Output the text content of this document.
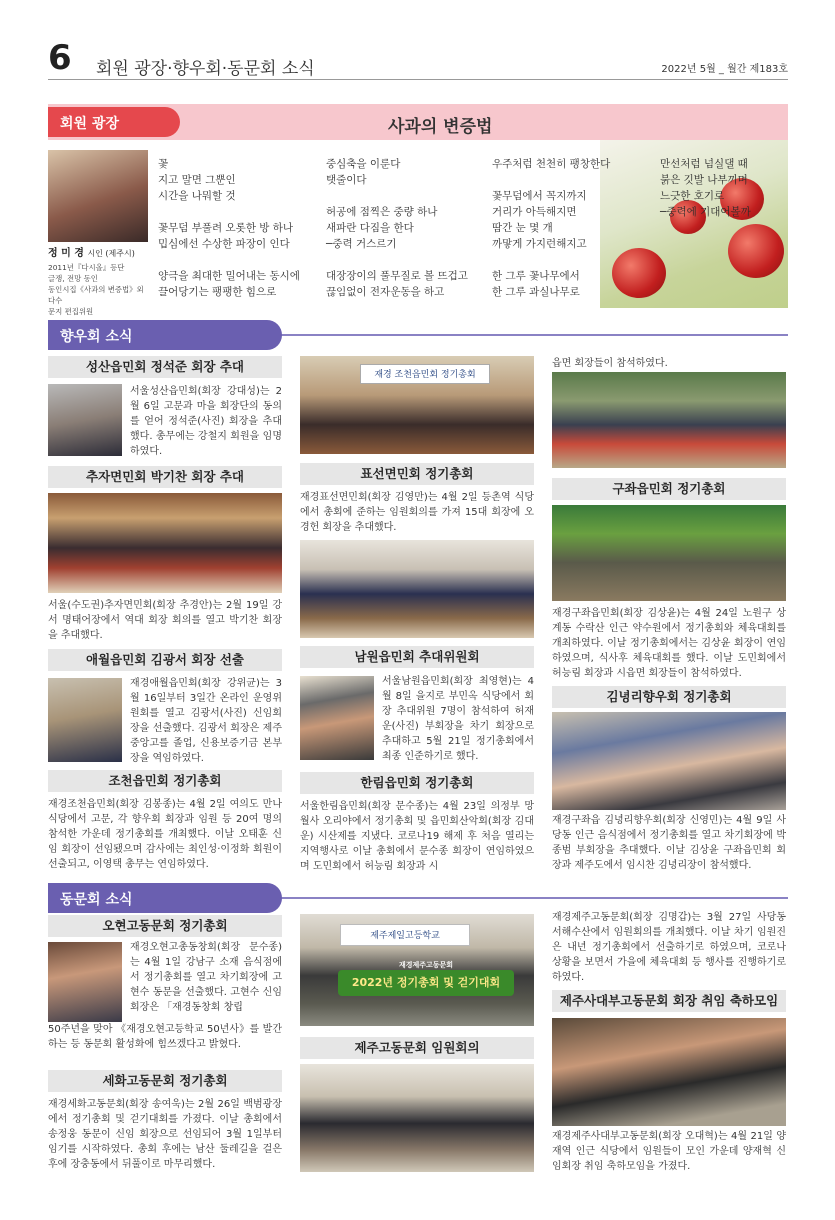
6 회원 광장·향우회·동문회 소식	2022년 5월 _ 월간 제183호
사과의 변증법
회원 광장
정 미 경 시인 (제주시)
2011년『다시올』등단
글쟁, 전망 동인
동인시집《사과의 변증법》외 다수
문지 편집위원
꽃
지고 말면 그뿐인
시간을 나뭐할 것
꽃무덤 부풀려 오롯한 방 하나
밉심에선 수상한 파장이 인다
양극을 최대한 밀어내는 동시에
끌어당기는 팽팽한 힘으로
중심축을 이룬다
탯줄이다
허공에 점찍은 중량 하나
새파란 다짐을 한다
─중력 거스르기
대장장이의 풀무질로 볼 뜨겁고
끊임없이 전자운동을 하고
우주처럼 천천히 팽창한다
꽃무덤에서 꼭지까지
거리가 아득해지면
땀간 눈 몇 개
까맣게 가지런해지고
한 그루 꽃나무에서
한 그루 과실나무로
만선처럼 넘실댈 때
붉은 깃발 나부끼며
느긋한 호기로
─중력에 기대어볼까
향우회 소식
성산읍민회 정석준 회장 추대
서울성산읍민회(회장 강대성)는 2월 6일 고문과 마을 회장단의 동의를 얻어 정석준(사진) 회장을 추대했다. 총무에는 강철지 회원을 임명하였다.
추자면민회 박기찬 회장 추대
서울(수도권)추자면민회(회장 추경안)는 2월 19일 강서 명태어장에서 역대 회장 회의를 열고 박기찬 회장을 추대했다.
애월읍민회 김광서 회장 선출
재경애월읍민회(회장 강위균)는 3월 16일부터 3일간 온라인 운영위원회를 열고 김광서(사진) 신임회장을 선출했다. 김광서 회장은 제주중앙고를 졸업, 신용보증기금 본부장을 역임하였다.
조천읍민회 정기총회
재경조천읍민회(회장 김봉종)는 4월 2일 여의도 만나식당에서 고문, 각 향우회 회장과 임원 등 20여 명의 참석한 가운데 정기총회를 개최했다. 이날 오태훈 신임 회장이 선임됐으며 감사에는 최인성·이정화 회원이 선출되고, 이영택 총무는 연임하였다.
재경 조천읍민회 정기총회
표선면민회 정기총회
재경표선면민회(회장 김영만)는 4월 2일 등촌역 식당에서 총회에 준하는 임원회의를 가져 15대 회장에 오경헌 회장을 추대했다.
남원읍민회 추대위원회
서울남원읍민회(회장 최영현)는 4월 8일 을지로 부민옥 식당에서 회장 추대위원 7명이 참석하여 허재운(사진) 부회장을 차기 회장으로 추대하고 5월 21일 정기총회에서 최종 인준하기로 했다.
한림읍민회 정기총회
서울한림읍민회(회장 문수종)는 4월 23일 의정부 망월사 오리야에서 정기총회 및 읍민회산악회(회장 김대운) 시산제를 지냈다. 코로나19 해제 후 처음 열리는 지역행사로 이날 총회에서 문수종 회장이 연임하였으며 도민회에서 허능림 회장과 시
읍면 회장들이 참석하였다.
구좌읍민회 정기총회
재경구좌읍민회(회장 김상윤)는 4월 24일 노원구 상계동 수락산 인근 약수원에서 정기총회와 체육대회를 개최하였다. 이날 정기총회에서는 김상윤 회장이 연임하였으며, 식사후 체육대회를 했다. 이날 도민회에서 허능림 회장과 시읍면 회장들이 참석하였다.
김녕리향우회 정기총회
재경구좌읍 김녕리향우회(회장 신영민)는 4월 9일 사당동 인근 음식점에서 정기총회를 열고 차기회장에 박종범 부회장을 추대했다. 이날 김상윤 구좌읍민회 회장과 제주도에서 임시찬 김녕리장이 참석했다.
동문회 소식
오현고동문회 정기총회
재경오현고총동창회(회장 문수종)는 4월 1일 강남구 소재 음식점에서 정기총회를 열고 차기회장에 고현수 동문을 선출했다. 고현수 신임 회장은 「재경동창회 창립
50주년을 맞아 《재경오현고등학교 50년사》를 발간하는 등 동문회 활성화에 힘쓰겠다고 밝혔다.
세화고동문회 정기총회
재경세화고동문회(회장 송여욱)는 2월 26일 백범광장에서 정기총회 및 걷기대회를 가졌다. 이날 총회에서 송정웅 동문이 신임 회장으로 선임되어 3월 1일부터 임기를 시작하였다. 총회 후에는 남산 둘레길을 걸은 후에 장충동에서 뒤풀이로 마무리했다.
제주제일고등학교
재경제주고동문회
2022년 정기총회 및 걷기대회
제주고동문회 임원회의
재경제주고동문회(회장 김명갑)는 3월 27일 사당동 서해수산에서 임원회의를 개최했다. 이날 차기 임원진은 내년 정기총회에서 선출하기로 하였으며, 코로나 상황을 보면서 가을에 체육대회 등 행사를 진행하기로 하였다.
제주사대부고동문회 회장 취임 축하모임
재경제주사대부고동문회(회장 오대혁)는 4월 21일 양재역 인근 식당에서 임원들이 모인 가운데 양재혁 신임회장 취임 축하모임을 가졌다.
